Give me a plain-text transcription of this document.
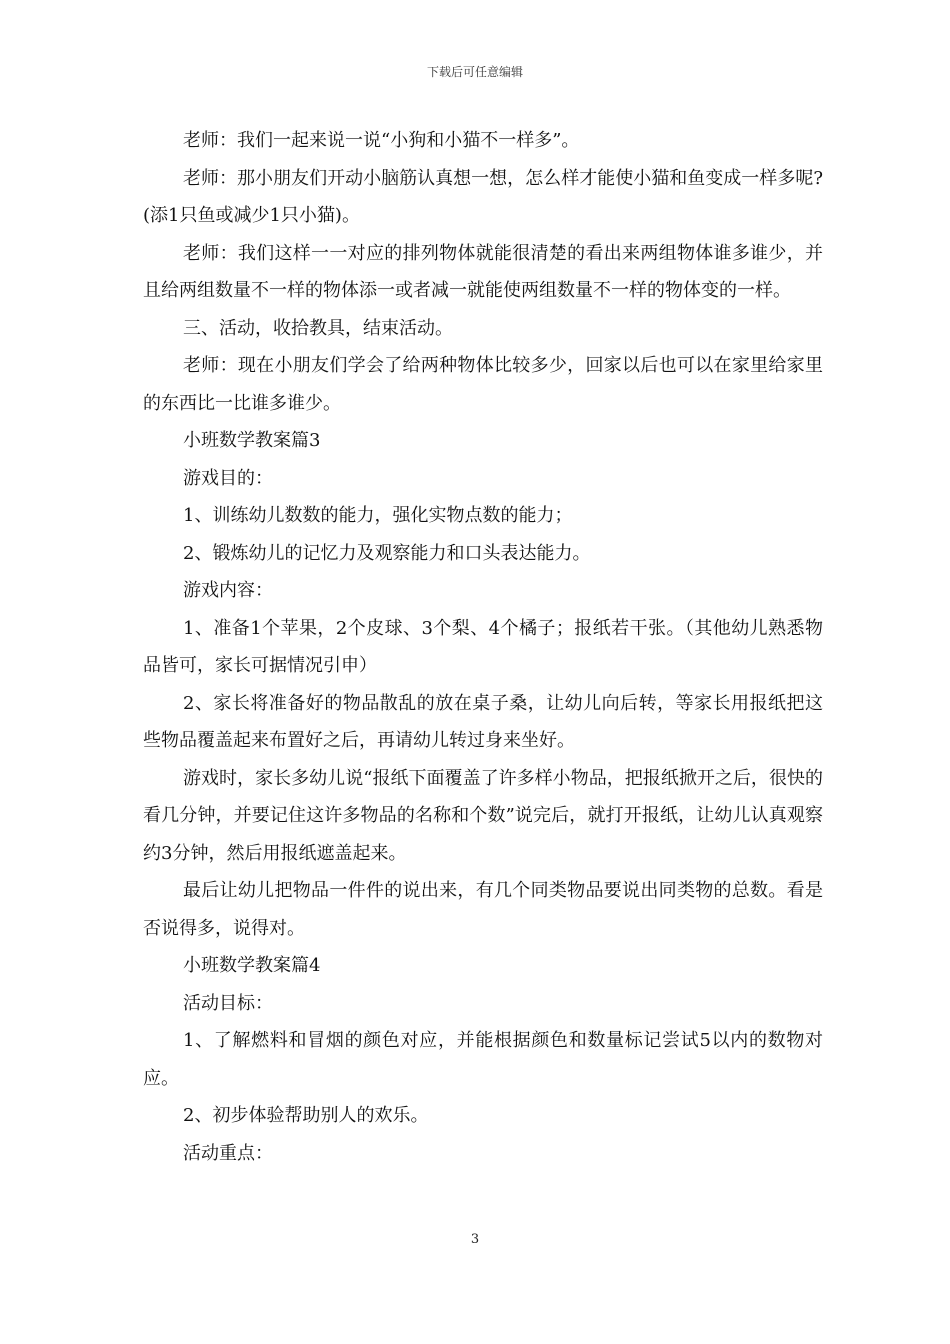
下载后可任意编辑

老师：我们一起来说一说“小狗和小猫不一样多”。

老师：那小朋友们开动小脑筋认真想一想，怎么样才能使小猫和鱼变成一样多呢?(添1只鱼或减少1只小猫)。

老师：我们这样一一对应的排列物体就能很清楚的看出来两组物体谁多谁少，并且给两组数量不一样的物体添一或者减一就能使两组数量不一样的物体变的一样。

三、活动，收拾教具，结束活动。

老师：现在小朋友们学会了给两种物体比较多少，回家以后也可以在家里给家里的东西比一比谁多谁少。

小班数学教案篇3

游戏目的：

1、训练幼儿数数的能力，强化实物点数的能力；

2、锻炼幼儿的记忆力及观察能力和口头表达能力。

游戏内容：

1、准备1个苹果，2个皮球、3个梨、4个橘子；报纸若干张。（其他幼儿熟悉物品皆可，家长可据情况引申）

2、家长将准备好的物品散乱的放在桌子桑，让幼儿向后转，等家长用报纸把这些物品覆盖起来布置好之后，再请幼儿转过身来坐好。

游戏时，家长多幼儿说“报纸下面覆盖了许多样小物品，把报纸掀开之后，很快的看几分钟，并要记住这许多物品的名称和个数”说完后，就打开报纸，让幼儿认真观察约3分钟，然后用报纸遮盖起来。

最后让幼儿把物品一件件的说出来，有几个同类物品要说出同类物的总数。看是否说得多，说得对。

小班数学教案篇4

活动目标：

1、了解燃料和冒烟的颜色对应，并能根据颜色和数量标记尝试5以内的数物对应。

2、初步体验帮助别人的欢乐。

活动重点：

3
